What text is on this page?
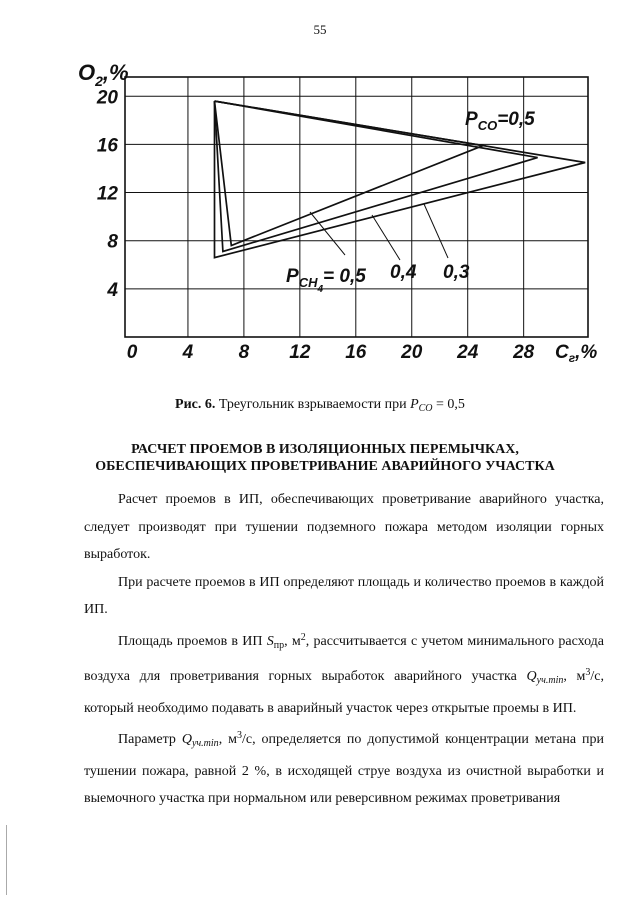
55
0 4 8 12 16 20 24 28
20
16
12
8
4
$O_2,\%$
$C_г,\%$
$P_{CO}=0,5$
$P_{CH4}= 0,5$ 0,4 0,3
Рис. 6. Треугольник взрываемости при $P_{CO} = 0,5$
РАСЧЕТ ПРОЕМОВ В ИЗОЛЯЦИОННЫХ ПЕРЕМЫЧКАХ,
ОБЕСПЕЧИВАЮЩИХ ПРОВЕТРИВАНИЕ АВАРИЙНОГО УЧАСТКА

Расчет проемов в ИП, обеспечивающих проветривание аварийного участка, следует производят при тушении подземного пожара методом изоляции горных выработок.

При расчете проемов в ИП определяют площадь и количество проемов в каждой ИП.

Площадь проемов в ИП $S_{пр}$, $м^2$, рассчитывается с учетом минимального расхода воздуха для проветривания горных выработок аварийного участка $Q_{уч.min}$, $м^3/с$, который необходимо подавать в аварийный участок через открытые проемы в ИП.

Параметр $Q_{уч.min}$, $м^3/с$, определяется по допустимой концентрации метана при тушении пожара, равной 2 %, в исходящей струе воздуха из очистной выработки и выемочного участка при нормальном или реверсивном режимах проветривания
